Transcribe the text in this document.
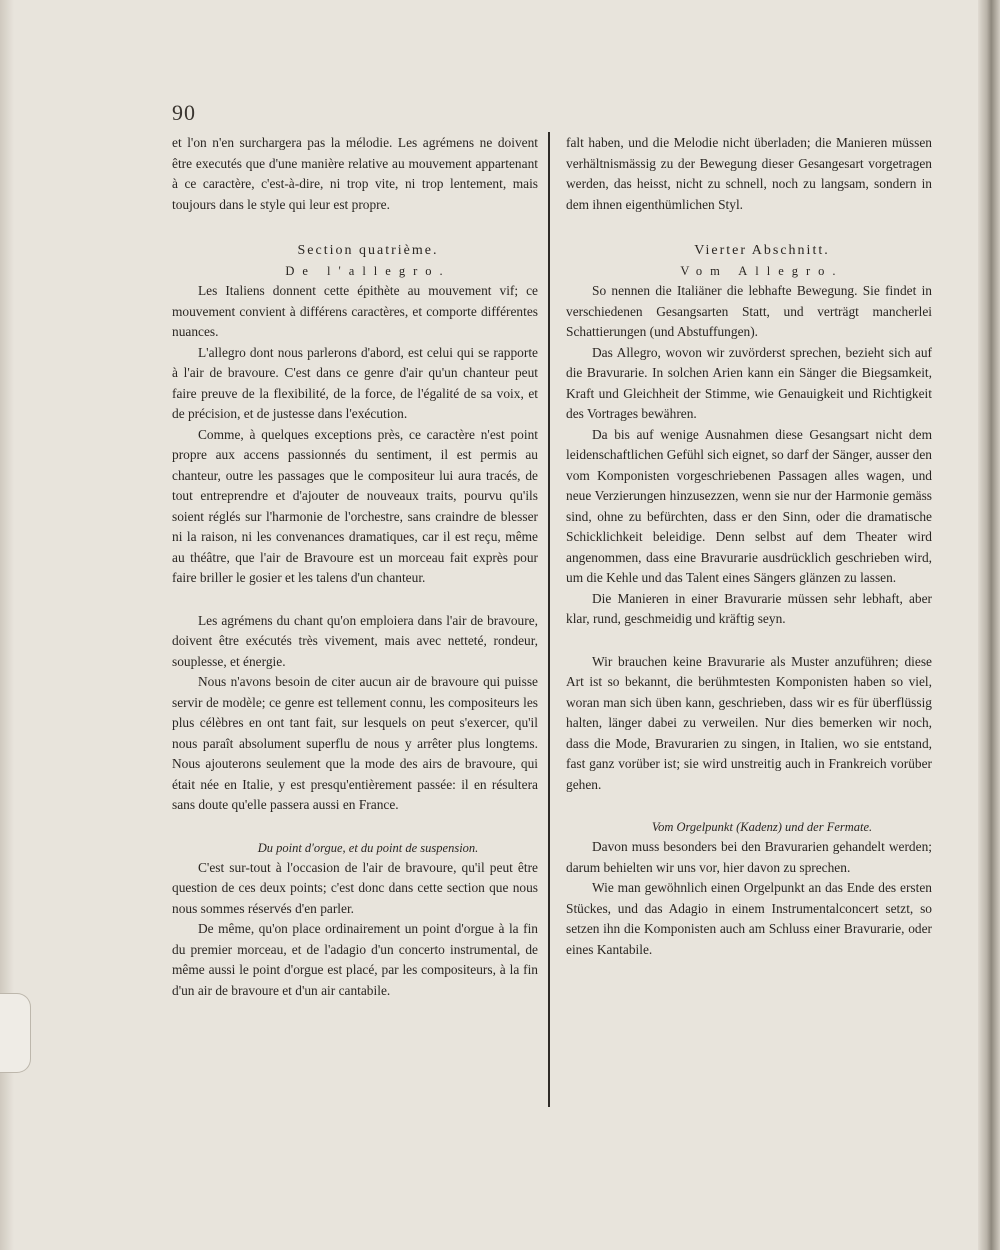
90

et l'on n'en surchargera pas la mélodie. Les agrémens ne doivent être executés que d'une manière relative au mouvement appartenant à ce caractère, c'est-à-dire, ni trop vite, ni trop lentement, mais toujours dans le style qui leur est propre.

Section quatrième.

De l'allegro.

Les Italiens donnent cette épithète au mouvement vif; ce mouvement convient à différens caractères, et comporte différentes nuances.

L'allegro dont nous parlerons d'abord, est celui qui se rapporte à l'air de bravoure. C'est dans ce genre d'air qu'un chanteur peut faire preuve de la flexibilité, de la force, de l'égalité de sa voix, et de précision, et de justesse dans l'exécution.

Comme, à quelques exceptions près, ce caractère n'est point propre aux accens passionnés du sentiment, il est permis au chanteur, outre les passages que le compositeur lui aura tracés, de tout entreprendre et d'ajouter de nouveaux traits, pourvu qu'ils soient réglés sur l'harmonie de l'orchestre, sans craindre de blesser ni la raison, ni les convenances dramatiques, car il est reçu, même au théâtre, que l'air de Bravoure est un morceau fait exprès pour faire briller le gosier et les talens d'un chanteur.

Les agrémens du chant qu'on emploiera dans l'air de bravoure, doivent être exécutés très vivement, mais avec netteté, rondeur, souplesse, et énergie.

Nous n'avons besoin de citer aucun air de bravoure qui puisse servir de modèle; ce genre est tellement connu, les compositeurs les plus célèbres en ont tant fait, sur lesquels on peut s'exercer, qu'il nous paraît absolument superflu de nous y arrêter plus longtems. Nous ajouterons seulement que la mode des airs de bravoure, qui était née en Italie, y est presqu'entièrement passée: il en résultera sans doute qu'elle passera aussi en France.

Du point d'orgue, et du point de suspension.

C'est sur-tout à l'occasion de l'air de bravoure, qu'il peut être question de ces deux points; c'est donc dans cette section que nous nous sommes réservés d'en parler.

De même, qu'on place ordinairement un point d'orgue à la fin du premier morceau, et de l'adagio d'un concerto instrumental, de même aussi le point d'orgue est placé, par les compositeurs, à la fin d'un air de bravoure et d'un air cantabile.

falt haben, und die Melodie nicht überladen; die Manieren müssen verhältnismässig zu der Bewegung dieser Gesangesart vorgetragen werden, das heisst, nicht zu schnell, noch zu langsam, sondern in dem ihnen eigenthümlichen Styl.

Vierter Abschnitt.

Vom Allegro.

So nennen die Italiäner die lebhafte Bewegung. Sie findet in verschiedenen Gesangsarten Statt, und verträgt mancherlei Schattierungen (und Abstuffungen).

Das Allegro, wovon wir zuvörderst sprechen, bezieht sich auf die Bravurarie. In solchen Arien kann ein Sänger die Biegsamkeit, Kraft und Gleichheit der Stimme, wie Genauigkeit und Richtigkeit des Vortrages bewähren.

Da bis auf wenige Ausnahmen diese Gesangsart nicht dem leidenschaftlichen Gefühl sich eignet, so darf der Sänger, ausser den vom Komponisten vorgeschriebenen Passagen alles wagen, und neue Verzierungen hinzusezzen, wenn sie nur der Harmonie gemäss sind, ohne zu befürchten, dass er den Sinn, oder die dramatische Schicklichkeit beleidige. Denn selbst auf dem Theater wird angenommen, dass eine Bravurarie ausdrücklich geschrieben wird, um die Kehle und das Talent eines Sängers glänzen zu lassen.

Die Manieren in einer Bravurarie müssen sehr lebhaft, aber klar, rund, geschmeidig und kräftig seyn.

Wir brauchen keine Bravurarie als Muster anzuführen; diese Art ist so bekannt, die berühmtesten Komponisten haben so viel, woran man sich üben kann, geschrieben, dass wir es für überflüssig halten, länger dabei zu verweilen. Nur dies bemerken wir noch, dass die Mode, Bravurarien zu singen, in Italien, wo sie entstand, fast ganz vorüber ist; sie wird unstreitig auch in Frankreich vorüber gehen.

Vom Orgelpunkt (Kadenz) und der Fermate.

Davon muss besonders bei den Bravurarien gehandelt werden; darum behielten wir uns vor, hier davon zu sprechen.

Wie man gewöhnlich einen Orgelpunkt an das Ende des ersten Stückes, und das Adagio in einem Instrumentalconcert setzt, so setzen ihn die Komponisten auch am Schluss einer Bravurarie, oder eines Kantabile.
